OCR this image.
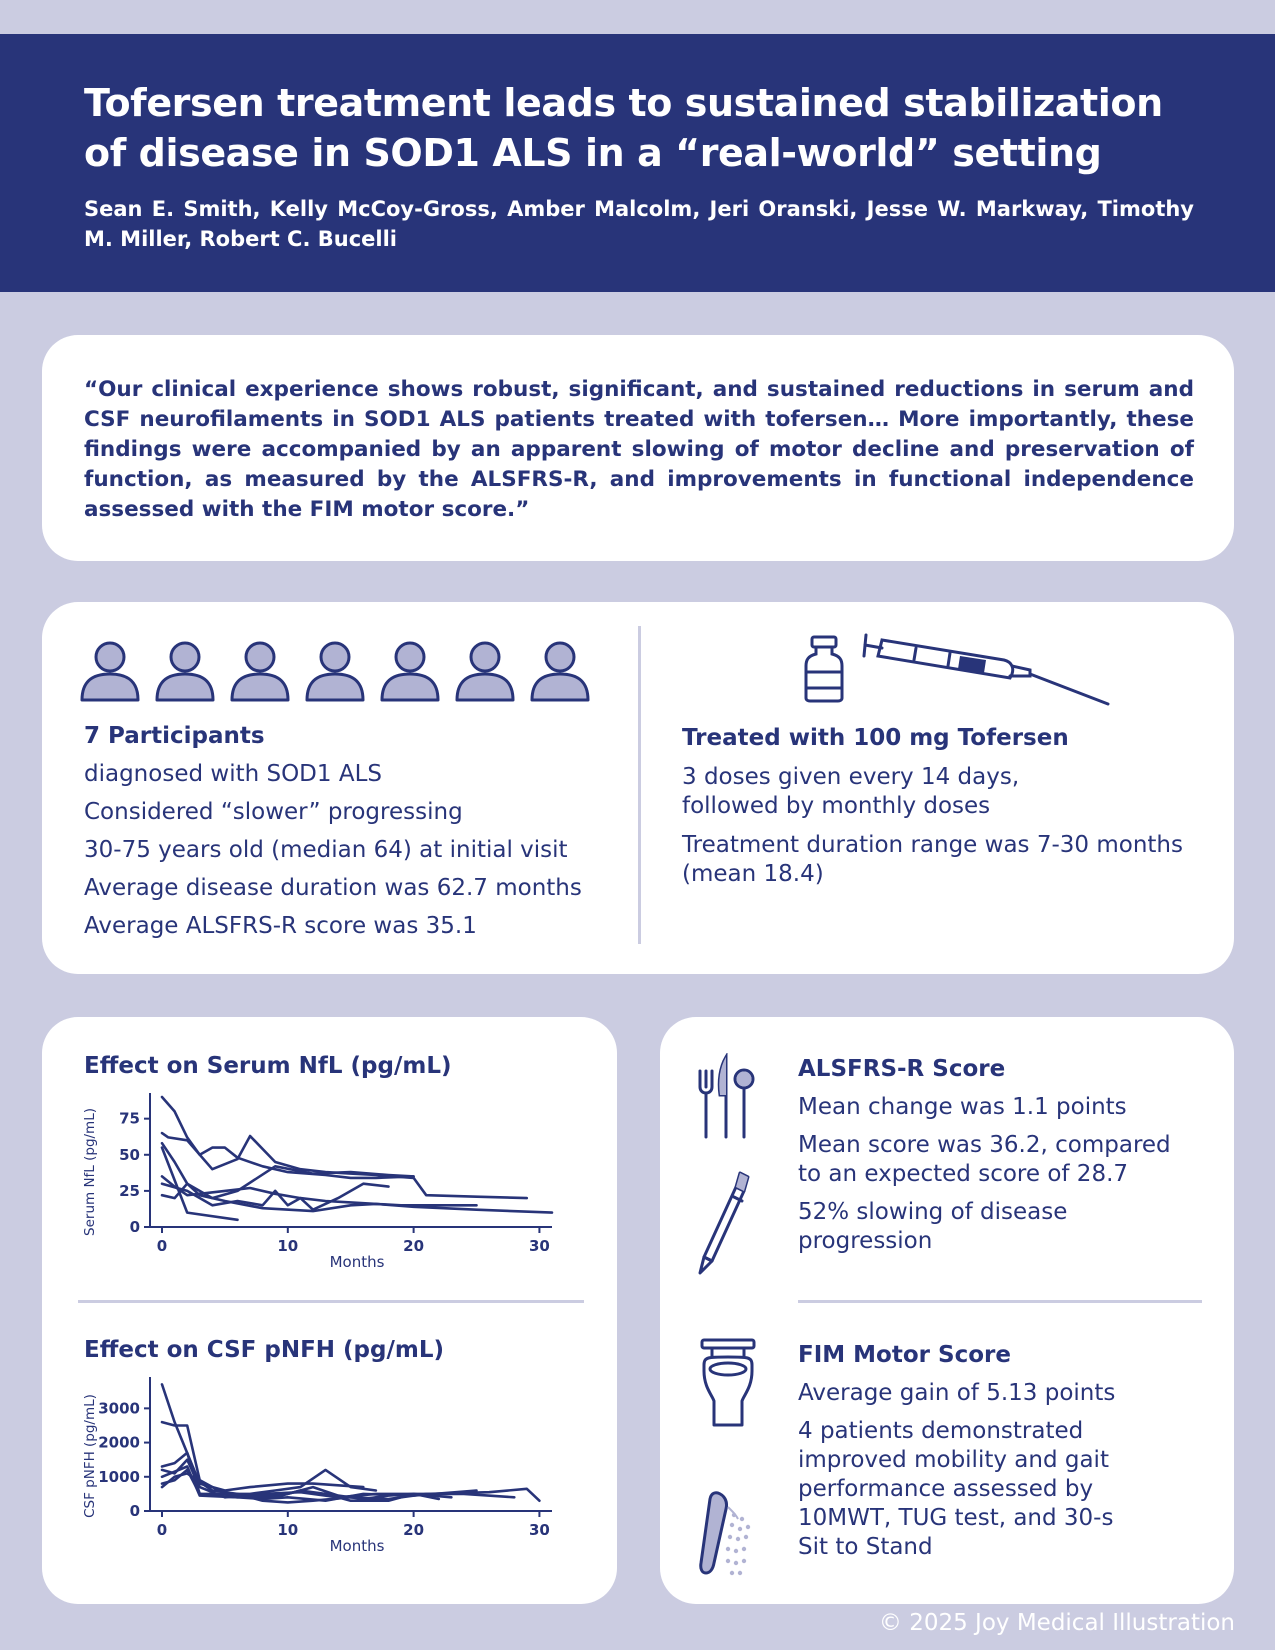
Tofersen treatment leads to sustained stabilization of disease in SOD1 ALS in a “real-world” setting
Sean E. Smith, Kelly McCoy-Gross, Amber Malcolm, Jeri Oranski, Jesse W. Markway, Timothy M. Miller, Robert C. Bucelli
“Our clinical experience shows robust, significant, and sustained reductions in serum and CSF neurofilaments in SOD1 ALS patients treated with tofersen… More importantly, these findings were accompanied by an apparent slowing of motor decline and preservation of function, as measured by the ALSFRS-R, and improvements in functional independence assessed with the FIM motor score.”
7 Participants
diagnosed with SOD1 ALS
Considered “slower” progressing
30-75 years old (median 64) at initial visit
Average disease duration was 62.7 months
Average ALSFRS-R score was 35.1
Treated with 100 mg Tofersen
3 doses given every 14 days,
followed by monthly doses
Treatment duration range was 7-30 months
(mean 18.4)
Effect on Serum NfL (pg/mL)
0	10	20	30
0
25
50
75
Months
Serum NfL (pg/mL)
Effect on CSF pNFH (pg/mL)
0	10	20	30
0
1000
2000
3000
Months
CSF pNFH (pg/mL)
ALSFRS-R Score
Mean change was 1.1 points
Mean score was 36.2, compared
to an expected score of 28.7
52% slowing of disease
progression
FIM Motor Score
Average gain of 5.13 points
4 patients demonstrated
improved mobility and gait
performance assessed by
10MWT, TUG test, and 30-s
Sit to Stand
© 2025 Joy Medical Illustration
